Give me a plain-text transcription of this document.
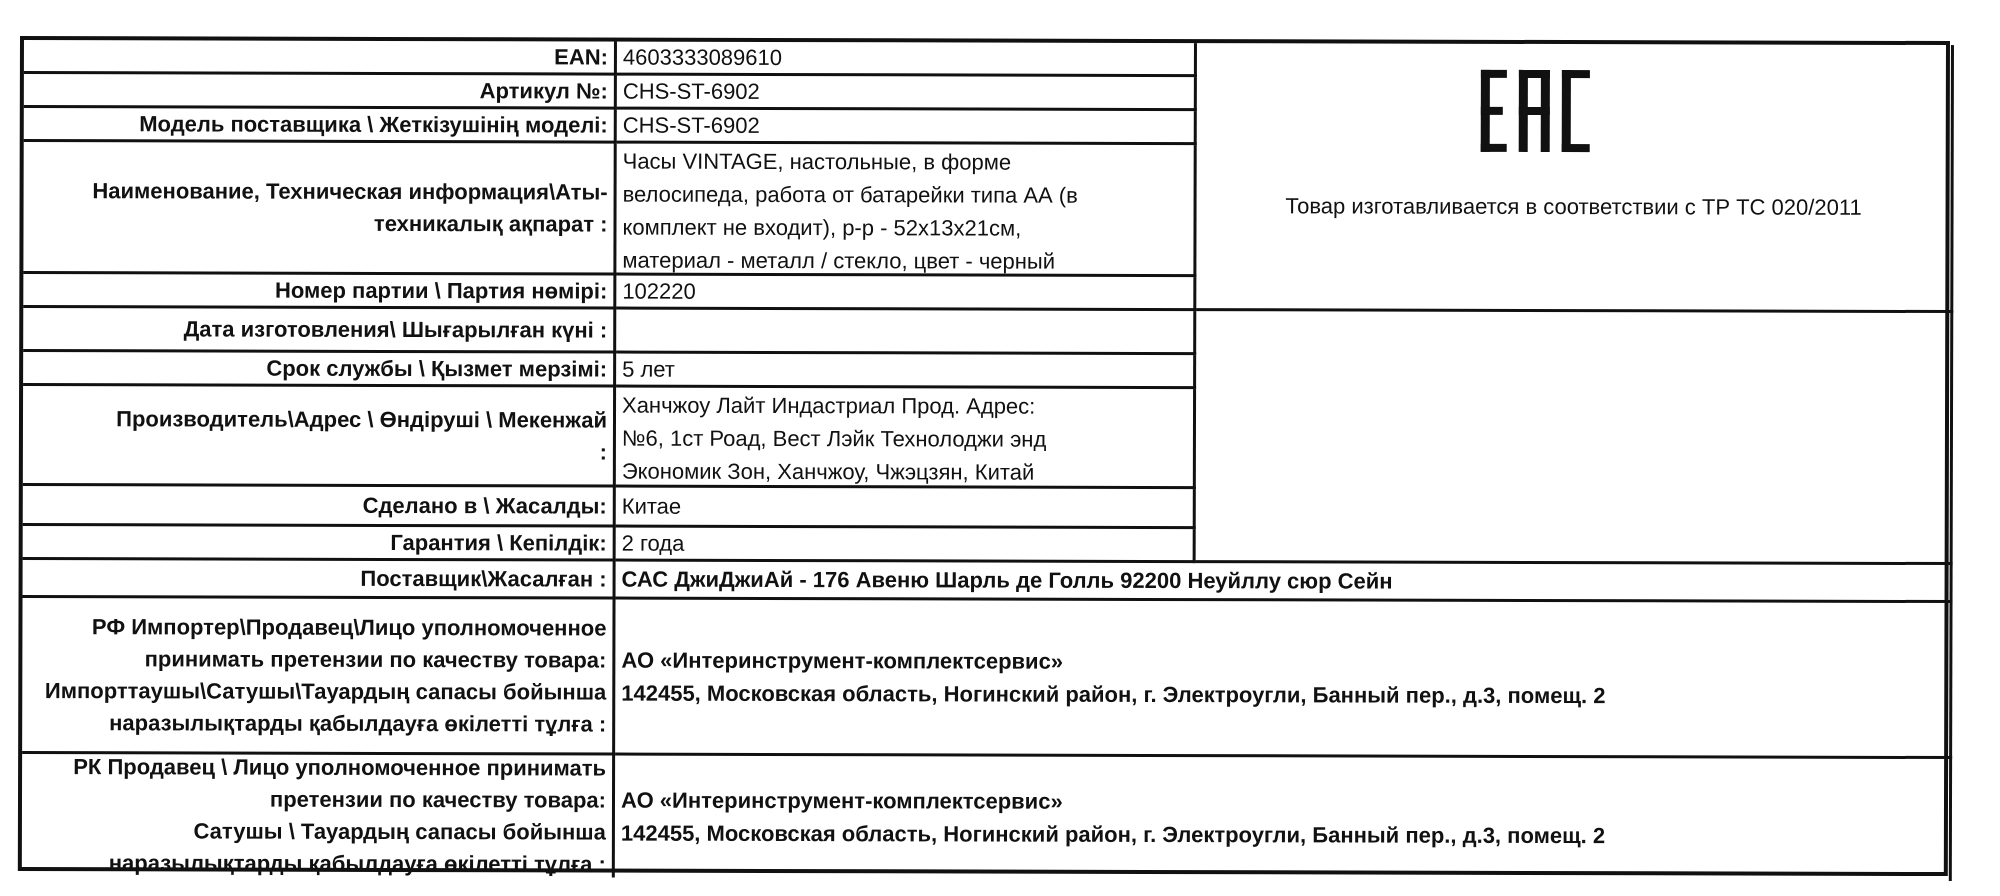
EAN: 4603333089610
Товар изготавливается в соответствии с ТР ТС 020/2011
Артикул №: CHS-ST-6902
Модель поставщика \ Жеткізушінің моделі: CHS-ST-6902
Наименование, Техническая информация\Аты-
техникалық ақпарат :
Часы VINTAGE, настольные, в форме
велосипеда, работа от батарейки типа АА (в
комплект не входит), р-р - 52х13х21см,
материал - металл / стекло, цвет - черный
Номер партии \ Партия нөмірі: 102220
Дата изготовления\ Шығарылған күні :
Срок службы \ Қызмет мерзімі: 5 лет
Производитель\Адрес \ Өндіруші \ Мекенжай
:
Ханчжоу Лайт Индастриал Прод. Адрес:
№6, 1ст Роад, Вест Лэйк Технолоджи энд
Экономик Зон, Ханчжоу, Чжэцзян, Китай
Сделано в \ Жасалды: Китае
Гарантия \ Кепілдік: 2 года
Поставщик\Жасалған : САС ДжиДжиАй - 176 Авеню Шарль де Голль 92200 Неуйллу сюр Сейн
РФ Импортер\Продавец\Лицо уполномоченное
принимать претензии по качеству товара:
Импорттаушы\Сатушы\Тауардың сапасы бойынша
наразылықтарды қабылдауға өкілетті тұлға :
АО «Интеринструмент-комплектсервис»
142455, Московская область, Ногинский район, г. Электроугли, Банный пер., д.3, помещ. 2
РК Продавец \ Лицо уполномоченное принимать
претензии по качеству товара:
Сатушы \ Тауардың сапасы бойынша
наразылықтарды қабылдауға өкілетті тұлға :
АО «Интеринструмент-комплектсервис»
142455, Московская область, Ногинский район, г. Электроугли, Банный пер., д.3, помещ. 2
